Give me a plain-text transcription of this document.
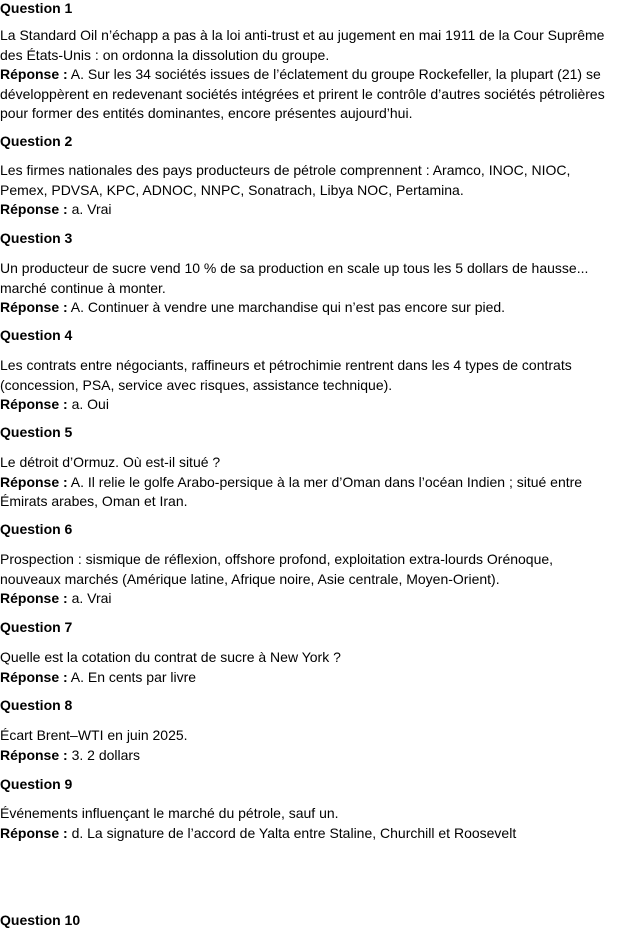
Question 1
La Standard Oil n’échapp a pas à la loi anti-trust et au jugement en mai 1911 de la Cour Suprême des États-Unis : on ordonna la dissolution du groupe.
Réponse : A. Sur les 34 sociétés issues de l’éclatement du groupe Rockefeller, la plupart (21) se développèrent en redevenant sociétés intégrées et prirent le contrôle d’autres sociétés pétrolières pour former des entités dominantes, encore présentes aujourd’hui.
Question 2
Les firmes nationales des pays producteurs de pétrole comprennent : Aramco, INOC, NIOC, Pemex, PDVSA, KPC, ADNOC, NNPC, Sonatrach, Libya NOC, Pertamina.
Réponse : a. Vrai
Question 3
Un producteur de sucre vend 10 % de sa production en scale up tous les 5 dollars de hausse... marché continue à monter.
Réponse : A. Continuer à vendre une marchandise qui n’est pas encore sur pied.
Question 4
Les contrats entre négociants, raffineurs et pétrochimie rentrent dans les 4 types de contrats (concession, PSA, service avec risques, assistance technique).
Réponse : a. Oui
Question 5
Le détroit d’Ormuz. Où est-il situé ?
Réponse : A. Il relie le golfe Arabo-persique à la mer d’Oman dans l’océan Indien ; situé entre Émirats arabes, Oman et Iran.
Question 6
Prospection : sismique de réflexion, offshore profond, exploitation extra-lourds Orénoque, nouveaux marchés (Amérique latine, Afrique noire, Asie centrale, Moyen-Orient).
Réponse : a. Vrai
Question 7
Quelle est la cotation du contrat de sucre à New York ?
Réponse : A. En cents par livre
Question 8
Écart Brent–WTI en juin 2025.
Réponse : 3. 2 dollars
Question 9
Événements influençant le marché du pétrole, sauf un.
Réponse : d. La signature de l’accord de Yalta entre Staline, Churchill et Roosevelt
Question 10
